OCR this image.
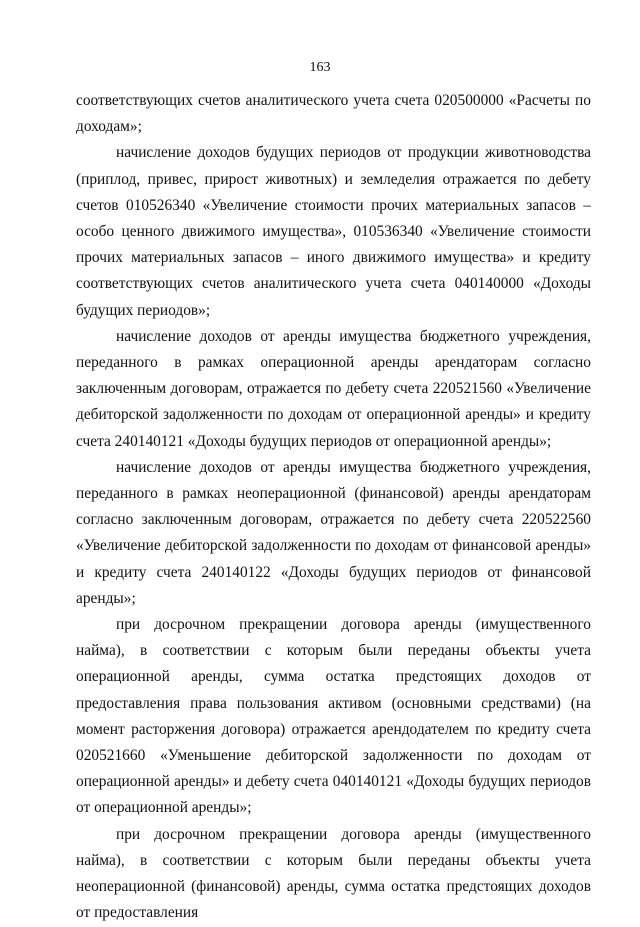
163

соответствующих счетов аналитического учета счета 020500000 «Расчеты по доходам»;

начисление доходов будущих периодов от продукции животноводства (приплод, привес, прирост животных) и земледелия отражается по дебету счетов 010526340 «Увеличение стоимости прочих материальных запасов – особо ценного движимого имущества», 010536340 «Увеличение стоимости прочих материальных запасов – иного движимого имущества» и кредиту соответствующих счетов аналитического учета счета 040140000 «Доходы будущих периодов»;

начисление доходов от аренды имущества бюджетного учреждения, переданного в рамках операционной аренды арендаторам согласно заключенным договорам, отражается по дебету счета 220521560 «Увеличение дебиторской задолженности по доходам от операционной аренды» и кредиту счета 240140121 «Доходы будущих периодов от операционной аренды»;

начисление доходов от аренды имущества бюджетного учреждения, переданного в рамках неоперационной (финансовой) аренды арендаторам согласно заключенным договорам, отражается по дебету счета 220522560 «Увеличение дебиторской задолженности по доходам от финансовой аренды» и кредиту счета 240140122 «Доходы будущих периодов от финансовой аренды»;

при досрочном прекращении договора аренды (имущественного найма), в соответствии с которым были переданы объекты учета операционной аренды, сумма остатка предстоящих доходов от предоставления права пользования активом (основными средствами) (на момент расторжения договора) отражается арендодателем по кредиту счета 020521660 «Уменьшение дебиторской задолженности по доходам от операционной аренды» и дебету счета 040140121 «Доходы будущих периодов от операционной аренды»;

при досрочном прекращении договора аренды (имущественного найма), в соответствии с которым были переданы объекты учета неоперационной (финансовой) аренды, сумма остатка предстоящих доходов от предоставления
